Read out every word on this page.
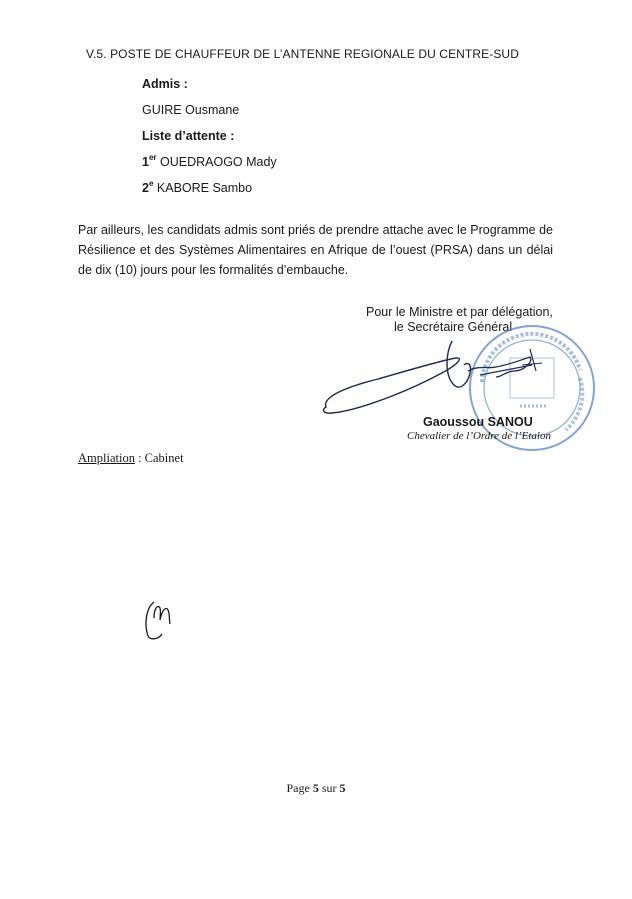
V.5. POSTE DE CHAUFFEUR DE L’ANTENNE REGIONALE DU CENTRE-SUD
Admis :
GUIRE Ousmane
Liste d’attente :
1er OUEDRAOGO Mady
2e KABORE Sambo
Par ailleurs, les candidats admis sont priés de prendre attache avec le Programme de Résilience et des Systèmes Alimentaires en Afrique de l’ouest (PRSA) dans un délai de dix (10) jours pour les formalités d’embauche.
Pour le Ministre et par délégation,
le Secrétaire Général
Gaoussou SANOU
Chevalier de l’Ordre de l’Etalon
Ampliation : Cabinet
Page 5 sur 5
